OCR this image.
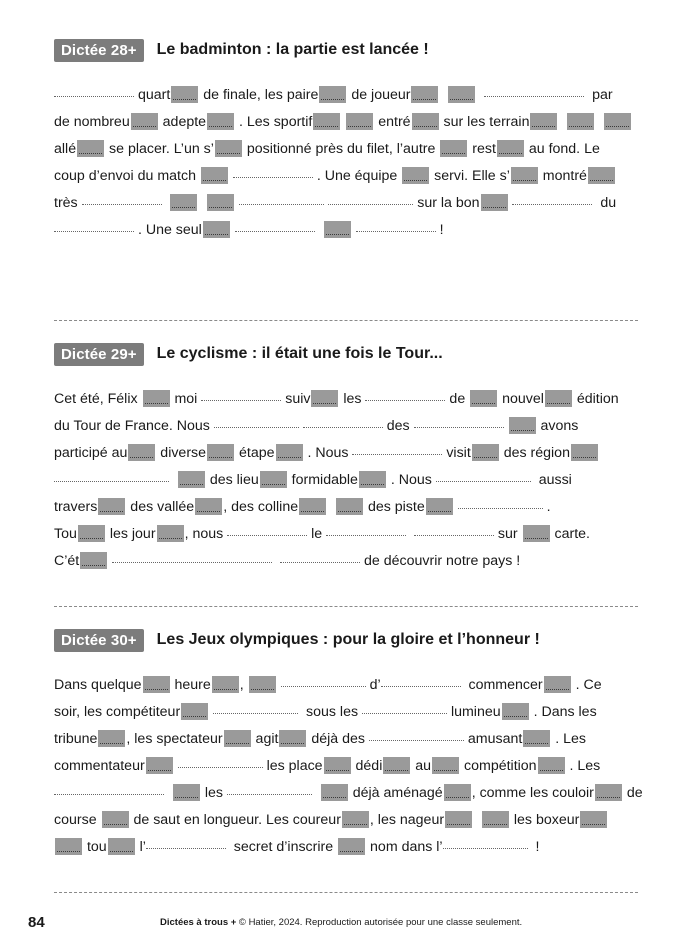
Dictée 28+	Le badminton : la partie est lancée !
quart de finale, les paire de joueur	par
de nombreu adepte . Les sportif	entré sur les terrain
allé se placer. L’un s’ positionné près du filet, l’autre  rest au fond. Le
coup d’envoi du match	. Une équipe  servi. Elle s’ montré
très	sur la bon	du
. Une seul	!
Dictée 29+	Le cyclisme : il était une fois le Tour...
Cet été, Félix  moi	suiv les	de  nouvel édition
du Tour de France. Nous	des	avons
participé au diverse étape . Nous	visit des région
des lieu formidable . Nous	aussi
travers des vallée , des colline	des piste	.
Tou les jour , nous	le	sur  carte.
C’ét	de découvrir notre pays !
Dictée 30+	Les Jeux olympiques : pour la gloire et l’honneur !
Dans quelque heure ,	d’	commencer . Ce
soir, les compétiteur	sous les	lumineu . Dans les
tribune , les spectateur agit déjà des	amusant . Les
commentateur	les place dédi au compétition . Les
les	déjà aménagé , comme les couloir de
course  de saut en longueur. Les coureur , les nageur	les boxeur
tou l’	secret d’inscrire  nom dans l’	!
84	Dictées à trous + © Hatier, 2024. Reproduction autorisée pour une classe seulement.
